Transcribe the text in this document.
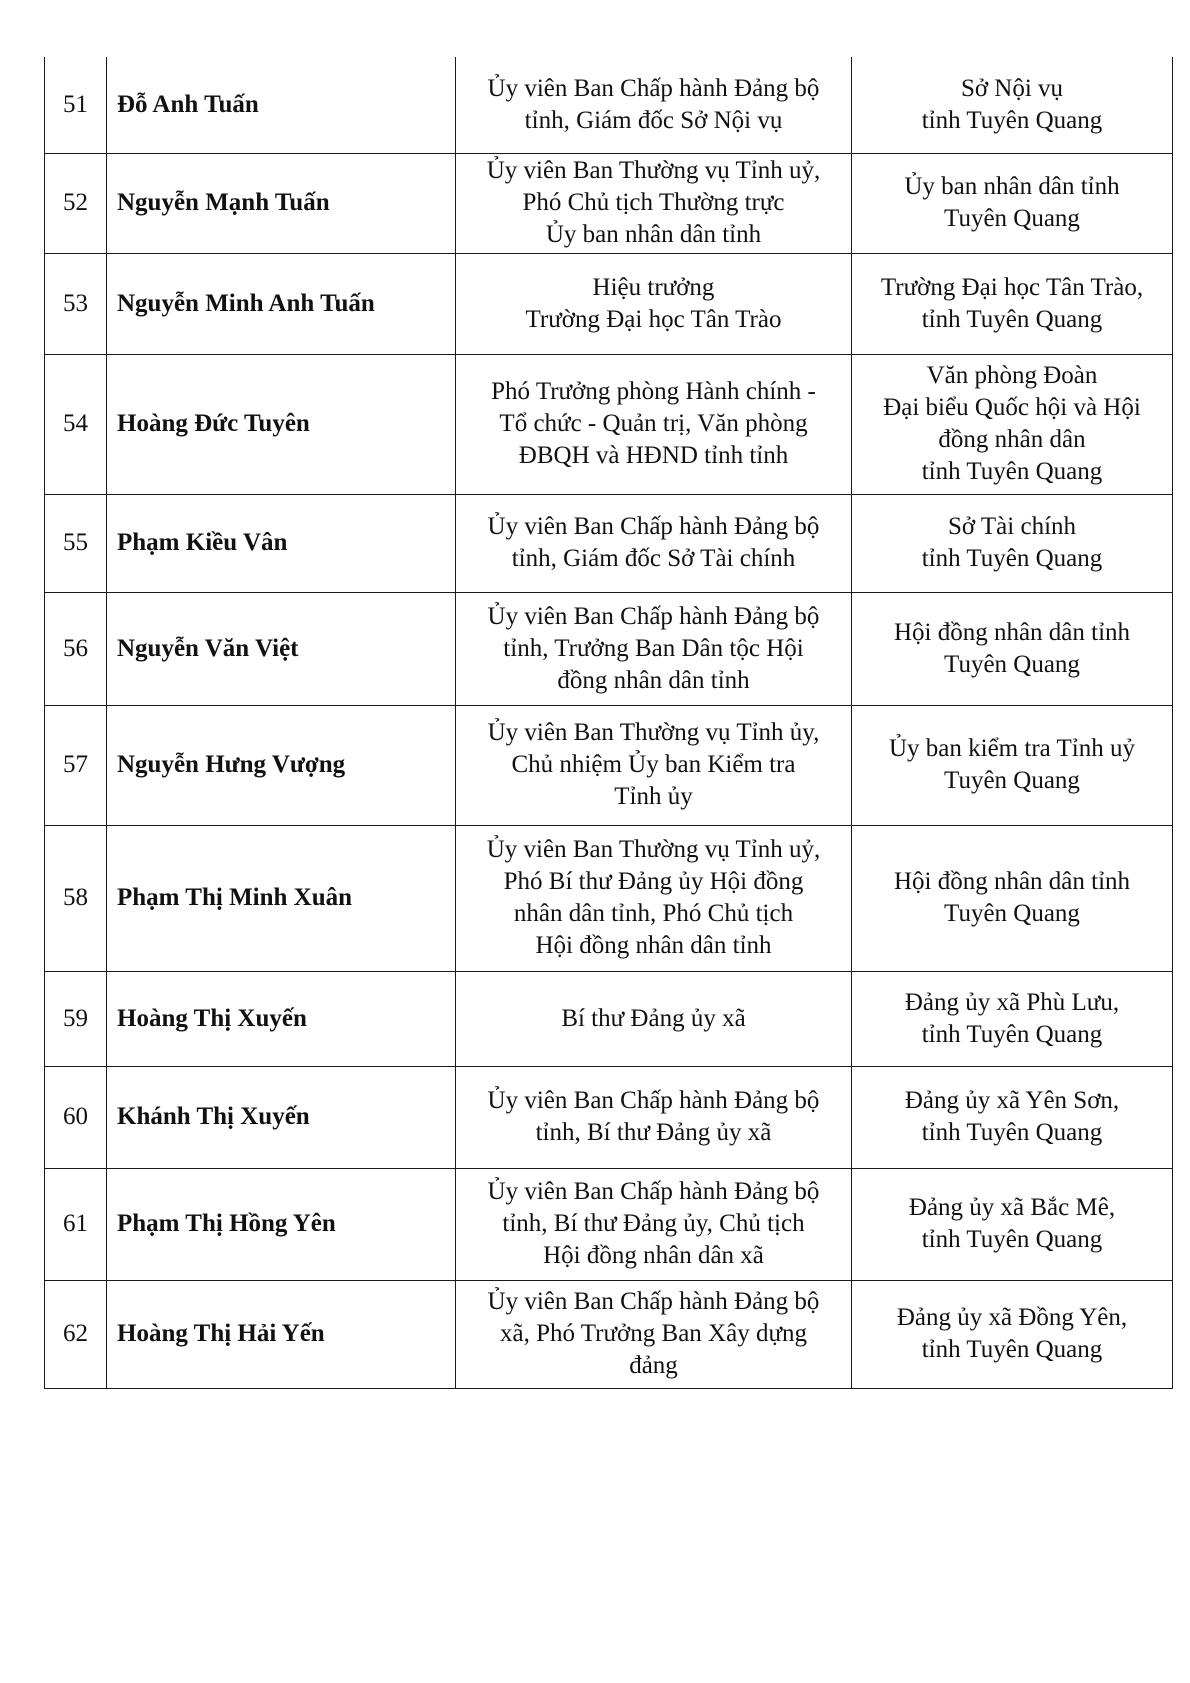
51	Đỗ Anh Tuấn	Ủy viên Ban Chấp hành Đảng bộ
tỉnh, Giám đốc Sở Nội vụ	Sở Nội vụ
tỉnh Tuyên Quang

52	Nguyễn Mạnh Tuấn	Ủy viên Ban Thường vụ Tỉnh uỷ,
Phó Chủ tịch Thường trực
Ủy ban nhân dân tỉnh	Ủy ban nhân dân tỉnh
Tuyên Quang

53	Nguyễn Minh Anh Tuấn	Hiệu trưởng
Trường Đại học Tân Trào	Trường Đại học Tân Trào,
tỉnh Tuyên Quang

54	Hoàng Đức Tuyên	Phó Trưởng phòng Hành chính -
Tổ chức - Quản trị, Văn phòng
ĐBQH và HĐND tỉnh tỉnh	Văn phòng Đoàn
Đại biểu Quốc hội và Hội
đồng nhân dân
tỉnh Tuyên Quang

55	Phạm Kiều Vân	Ủy viên Ban Chấp hành Đảng bộ
tỉnh, Giám đốc Sở Tài chính	Sở Tài chính
tỉnh Tuyên Quang

56	Nguyễn Văn Việt	Ủy viên Ban Chấp hành Đảng bộ
tỉnh, Trưởng Ban Dân tộc Hội
đồng nhân dân tỉnh	Hội đồng nhân dân tỉnh
Tuyên Quang

57	Nguyễn Hưng Vượng	Ủy viên Ban Thường vụ Tỉnh ủy,
Chủ nhiệm Ủy ban Kiểm tra
Tỉnh ủy	Ủy ban kiểm tra Tỉnh uỷ
Tuyên Quang

58	Phạm Thị Minh Xuân	Ủy viên Ban Thường vụ Tỉnh uỷ,
Phó Bí thư Đảng ủy Hội đồng
nhân dân tỉnh, Phó Chủ tịch
Hội đồng nhân dân tỉnh	Hội đồng nhân dân tỉnh
Tuyên Quang

59	Hoàng Thị Xuyến	Bí thư Đảng ủy xã	Đảng ủy xã Phù Lưu,
tỉnh Tuyên Quang

60	Khánh Thị Xuyến	Ủy viên Ban Chấp hành Đảng bộ
tỉnh, Bí thư Đảng ủy xã	Đảng ủy xã Yên Sơn,
tỉnh Tuyên Quang

61	Phạm Thị Hồng Yên	Ủy viên Ban Chấp hành Đảng bộ
tỉnh, Bí thư Đảng ủy, Chủ tịch
Hội đồng nhân dân xã	Đảng ủy xã Bắc Mê,
tỉnh Tuyên Quang

62	Hoàng Thị Hải Yến	Ủy viên Ban Chấp hành Đảng bộ
xã, Phó Trưởng Ban Xây dựng
đảng	Đảng ủy xã Đồng Yên,
tỉnh Tuyên Quang
